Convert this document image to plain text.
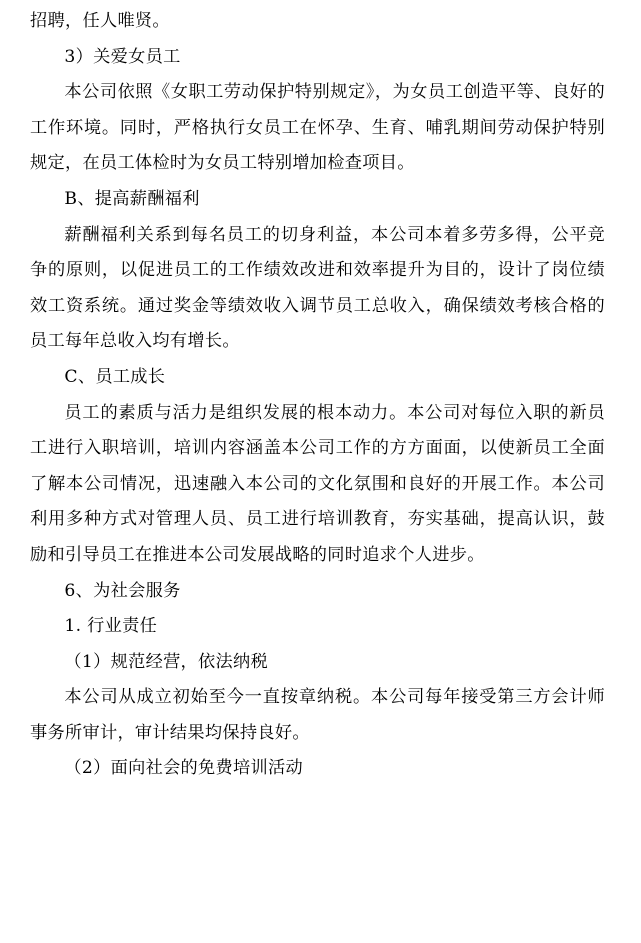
招聘，任人唯贤。

3）关爱女员工

本公司依照《女职工劳动保护特别规定》，为女员工创造平等、良好的工作环境。同时，严格执行女员工在怀孕、生育、哺乳期间劳动保护特别规定，在员工体检时为女员工特别增加检查项目。

B、提高薪酬福利

薪酬福利关系到每名员工的切身利益，本公司本着多劳多得，公平竞争的原则，以促进员工的工作绩效改进和效率提升为目的，设计了岗位绩效工资系统。通过奖金等绩效收入调节员工总收入，确保绩效考核合格的员工每年总收入均有增长。

C、员工成长

员工的素质与活力是组织发展的根本动力。本公司对每位入职的新员工进行入职培训，培训内容涵盖本公司工作的方方面面，以使新员工全面了解本公司情况，迅速融入本公司的文化氛围和良好的开展工作。本公司利用多种方式对管理人员、员工进行培训教育，夯实基础，提高认识，鼓励和引导员工在推进本公司发展战略的同时追求个人进步。

6、为社会服务

1. 行业责任

（1）规范经营，依法纳税

本公司从成立初始至今一直按章纳税。本公司每年接受第三方会计师事务所审计，审计结果均保持良好。

（2）面向社会的免费培训活动
